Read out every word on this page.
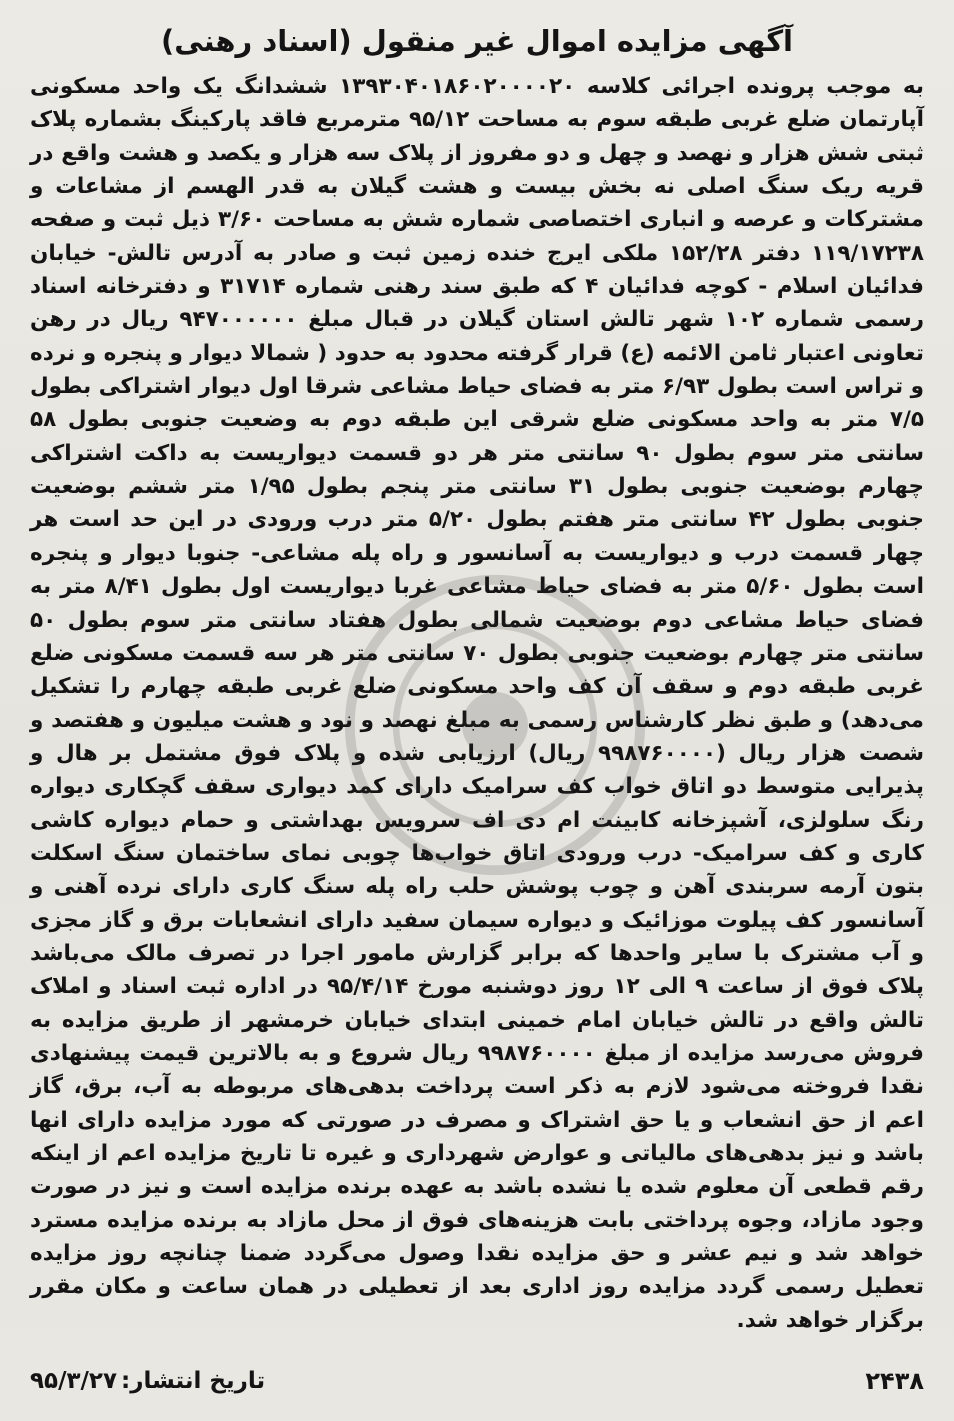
آگهی مزایده اموال غیر منقول (اسناد رهنی)

به موجب پرونده اجرائی کلاسه ۱۳۹۳۰۴۰۱۸۶۰۲۰۰۰۰۲۰ ششدانگ یک واحد مسکونی آپارتمان ضلع غربی طبقه سوم به مساحت ۹۵/۱۲ مترمربع فاقد پارکینگ بشماره پلاک ثبتی شش هزار و نهصد و چهل و دو مفروز از پلاک سه هزار و یکصد و هشت واقع در قریه ریک سنگ اصلی نه بخش بیست و هشت گیلان به قدر الهسم از مشاعات و مشترکات و عرصه و انباری اختصاصی شماره شش به مساحت ۳/۶۰ ذیل ثبت و صفحه ۱۱۹/۱۷۲۳۸ دفتر ۱۵۲/۲۸ ملکی ایرج خنده زمین ثبت و صادر به آدرس تالش- خیابان فدائیان اسلام - کوچه فدائیان ۴ که طبق سند رهنی شماره ۳۱۷۱۴ و دفترخانه اسناد رسمی شماره ۱۰۲ شهر تالش استان گیلان در قبال مبلغ ۹۴۷۰۰۰۰۰۰ ریال در رهن تعاونی اعتبار ثامن الائمه (ع) قرار گرفته محدود به حدود ( شمالا دیوار و پنجره و نرده و تراس است بطول ۶/۹۳ متر به فضای حیاط مشاعی شرقا اول دیوار اشتراکی بطول ۷/۵ متر به واحد مسکونی ضلع شرقی این طبقه دوم به وضعیت جنوبی بطول ۵۸ سانتی متر سوم بطول ۹۰ سانتی متر هر دو قسمت دیواریست به داکت اشتراکی چهارم بوضعیت جنوبی بطول ۳۱ سانتی متر پنجم بطول ۱/۹۵ متر ششم بوضعیت جنوبی بطول ۴۲ سانتی متر هفتم بطول ۵/۲۰ متر درب ورودی در این حد است هر چهار قسمت درب و دیواریست به آسانسور و راه پله مشاعی- جنوبا دیوار و پنجره است بطول ۵/۶۰ متر به فضای حیاط مشاعی غربا دیواریست اول بطول ۸/۴۱ متر به فضای حیاط مشاعی دوم بوضعیت شمالی بطول هفتاد سانتی متر سوم بطول ۵۰ سانتی متر چهارم بوضعیت جنوبی بطول ۷۰ سانتی متر هر سه قسمت مسکونی ضلع غربی طبقه دوم و سقف آن کف واحد مسکونی ضلع غربی طبقه چهارم را تشکیل می‌دهد) و طبق نظر کارشناس رسمی به مبلغ نهصد و نود و هشت میلیون و هفتصد و شصت هزار ریال (۹۹۸۷۶۰۰۰۰ ریال) ارزیابی شده و پلاک فوق مشتمل بر هال و پذیرایی متوسط دو اتاق خواب کف سرامیک دارای کمد دیواری سقف گچکاری دیواره رنگ سلولزی، آشپزخانه کابینت ام دی اف سرویس بهداشتی و حمام دیواره کاشی کاری و کف سرامیک- درب ورودی اتاق خواب‌ها چوبی نمای ساختمان سنگ اسکلت بتون آرمه سربندی آهن و چوب پوشش حلب راه پله سنگ کاری دارای نرده آهنی و آسانسور کف پیلوت موزائیک و دیواره سیمان سفید دارای انشعابات برق و گاز مجزی و آب مشترک با سایر واحدها که برابر گزارش مامور اجرا در تصرف مالک می‌باشد پلاک فوق از ساعت ۹ الی ۱۲ روز دوشنبه مورخ ۹۵/۴/۱۴ در اداره ثبت اسناد و املاک تالش واقع در تالش خیابان امام خمینی ابتدای خیابان خرمشهر از طریق مزایده به فروش می‌رسد مزایده از مبلغ ۹۹۸۷۶۰۰۰۰ ریال شروع و به بالاترین قیمت پیشنهادی نقدا فروخته می‌شود لازم به ذکر است پرداخت بدهی‌های مربوطه به آب، برق، گاز اعم از حق انشعاب و یا حق اشتراک و مصرف در صورتی که مورد مزایده دارای انها باشد و نیز بدهی‌های مالیاتی و عوارض شهرداری و غیره تا تاریخ مزایده اعم از اینکه رقم قطعی آن معلوم شده یا نشده باشد به عهده برنده مزایده است و نیز در صورت وجود مازاد، وجوه پرداختی بابت هزینه‌های فوق از محل مازاد به برنده مزایده مسترد خواهد شد و نیم عشر و حق مزایده نقدا وصول می‌گردد ضمنا چنانچه روز مزایده تعطیل رسمی گردد مزایده روز اداری بعد از تعطیلی در همان ساعت و مکان مقرر برگزار خواهد شد.

تاریخ انتشار:
۹۵/۳/۲۷	۲۴۳۸
